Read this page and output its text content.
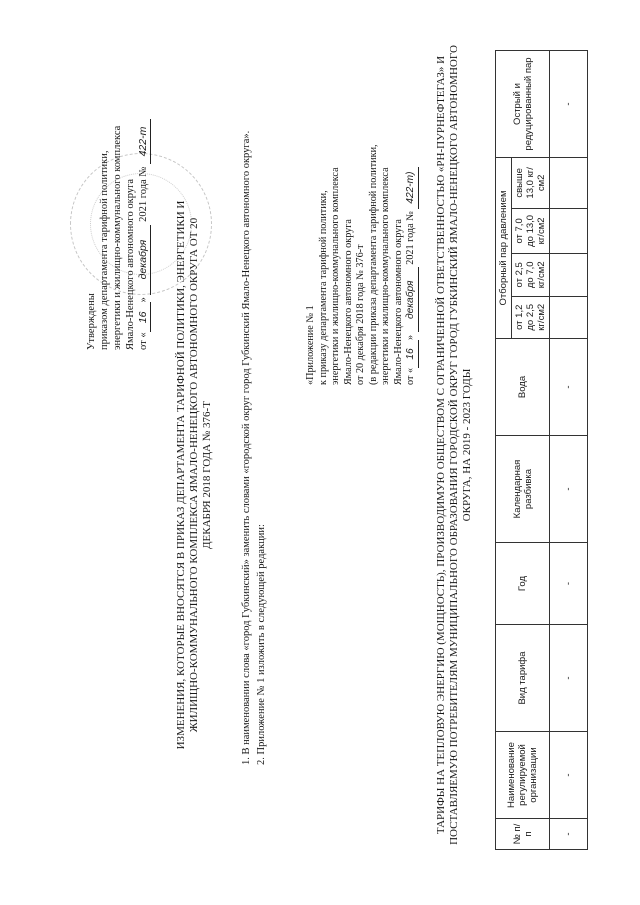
Утверждены приказом департамента тарифной политики, энергетики и жилищно-коммунального комплекса Ямало-Ненецкого автономного округа от «16» декабря 2021 года № 422-т
ИЗМЕНЕНИЯ, КОТОРЫЕ ВНОСЯТСЯ В ПРИКАЗ ДЕПАРТАМЕНТА ТАРИФНОЙ ПОЛИТИКИ, ЭНЕРГЕТИКИ И ЖИЛИЩНО-КОММУНАЛЬНОГО КОМПЛЕКСА ЯМАЛО-НЕНЕЦКОГО АВТОНОМНОГО ОКРУГА ОТ 20 ДЕКАБРЯ 2018 ГОДА № 376-Т	1. В наименовании слова «город Губкинский» заменить словами «городской округ город Губкинский Ямало-Ненецкого автономного округа». 2. Приложение № 1 изложить в следующей редакции:
«Приложение № 1 к приказу департамента тарифной политики, энергетики и жилищно-коммунального комплекса Ямало-Ненецкого автономного округа от 20 декабря 2018 года № 376-т (в редакции приказа департамента тарифной политики, энергетики и жилищно-коммунального комплекса Ямало-Ненецкого автономного округа от «16» декабря 2021 года № 422-т) ТАРИФЫ НА ТЕПЛОВУЮ ЭНЕРГИЮ (МОЩНОСТЬ), ПРОИЗВОДИМУЮ ОБЩЕСТВОМ С ОГРАНИЧЕННОЙ ОТВЕТСТВЕННОСТЬЮ «РН-ПУРНЕФТЕГАЗ» И ПОСТАВЛЯЕМУЮ ПОТРЕБИТЕЛЯМ МУНИЦИПАЛЬНОГО ОБРАЗОВАНИЯ ГОРОДСКОЙ ОКРУГ ГОРОД ГУБКИНСКИЙ ЯМАЛО-НЕНЕЦКОГО АВТОНОМНОГО ОКРУГА, НА 2019 - 2023 ГОДЫ
№ п/п	Наименование регулируемой организации	Вид тарифа	Год	Календарная разбивка	Вода	Отборный пар давлением				Острый и редуцированный пар
						от 1,2 до 2,5 кг/см2	от 2,5 до 7,0 кг/см2	от 7,0 до 13,0 кг/см2	свыше 13,0 кг/см2	
-	-	-	-	-	-					-
